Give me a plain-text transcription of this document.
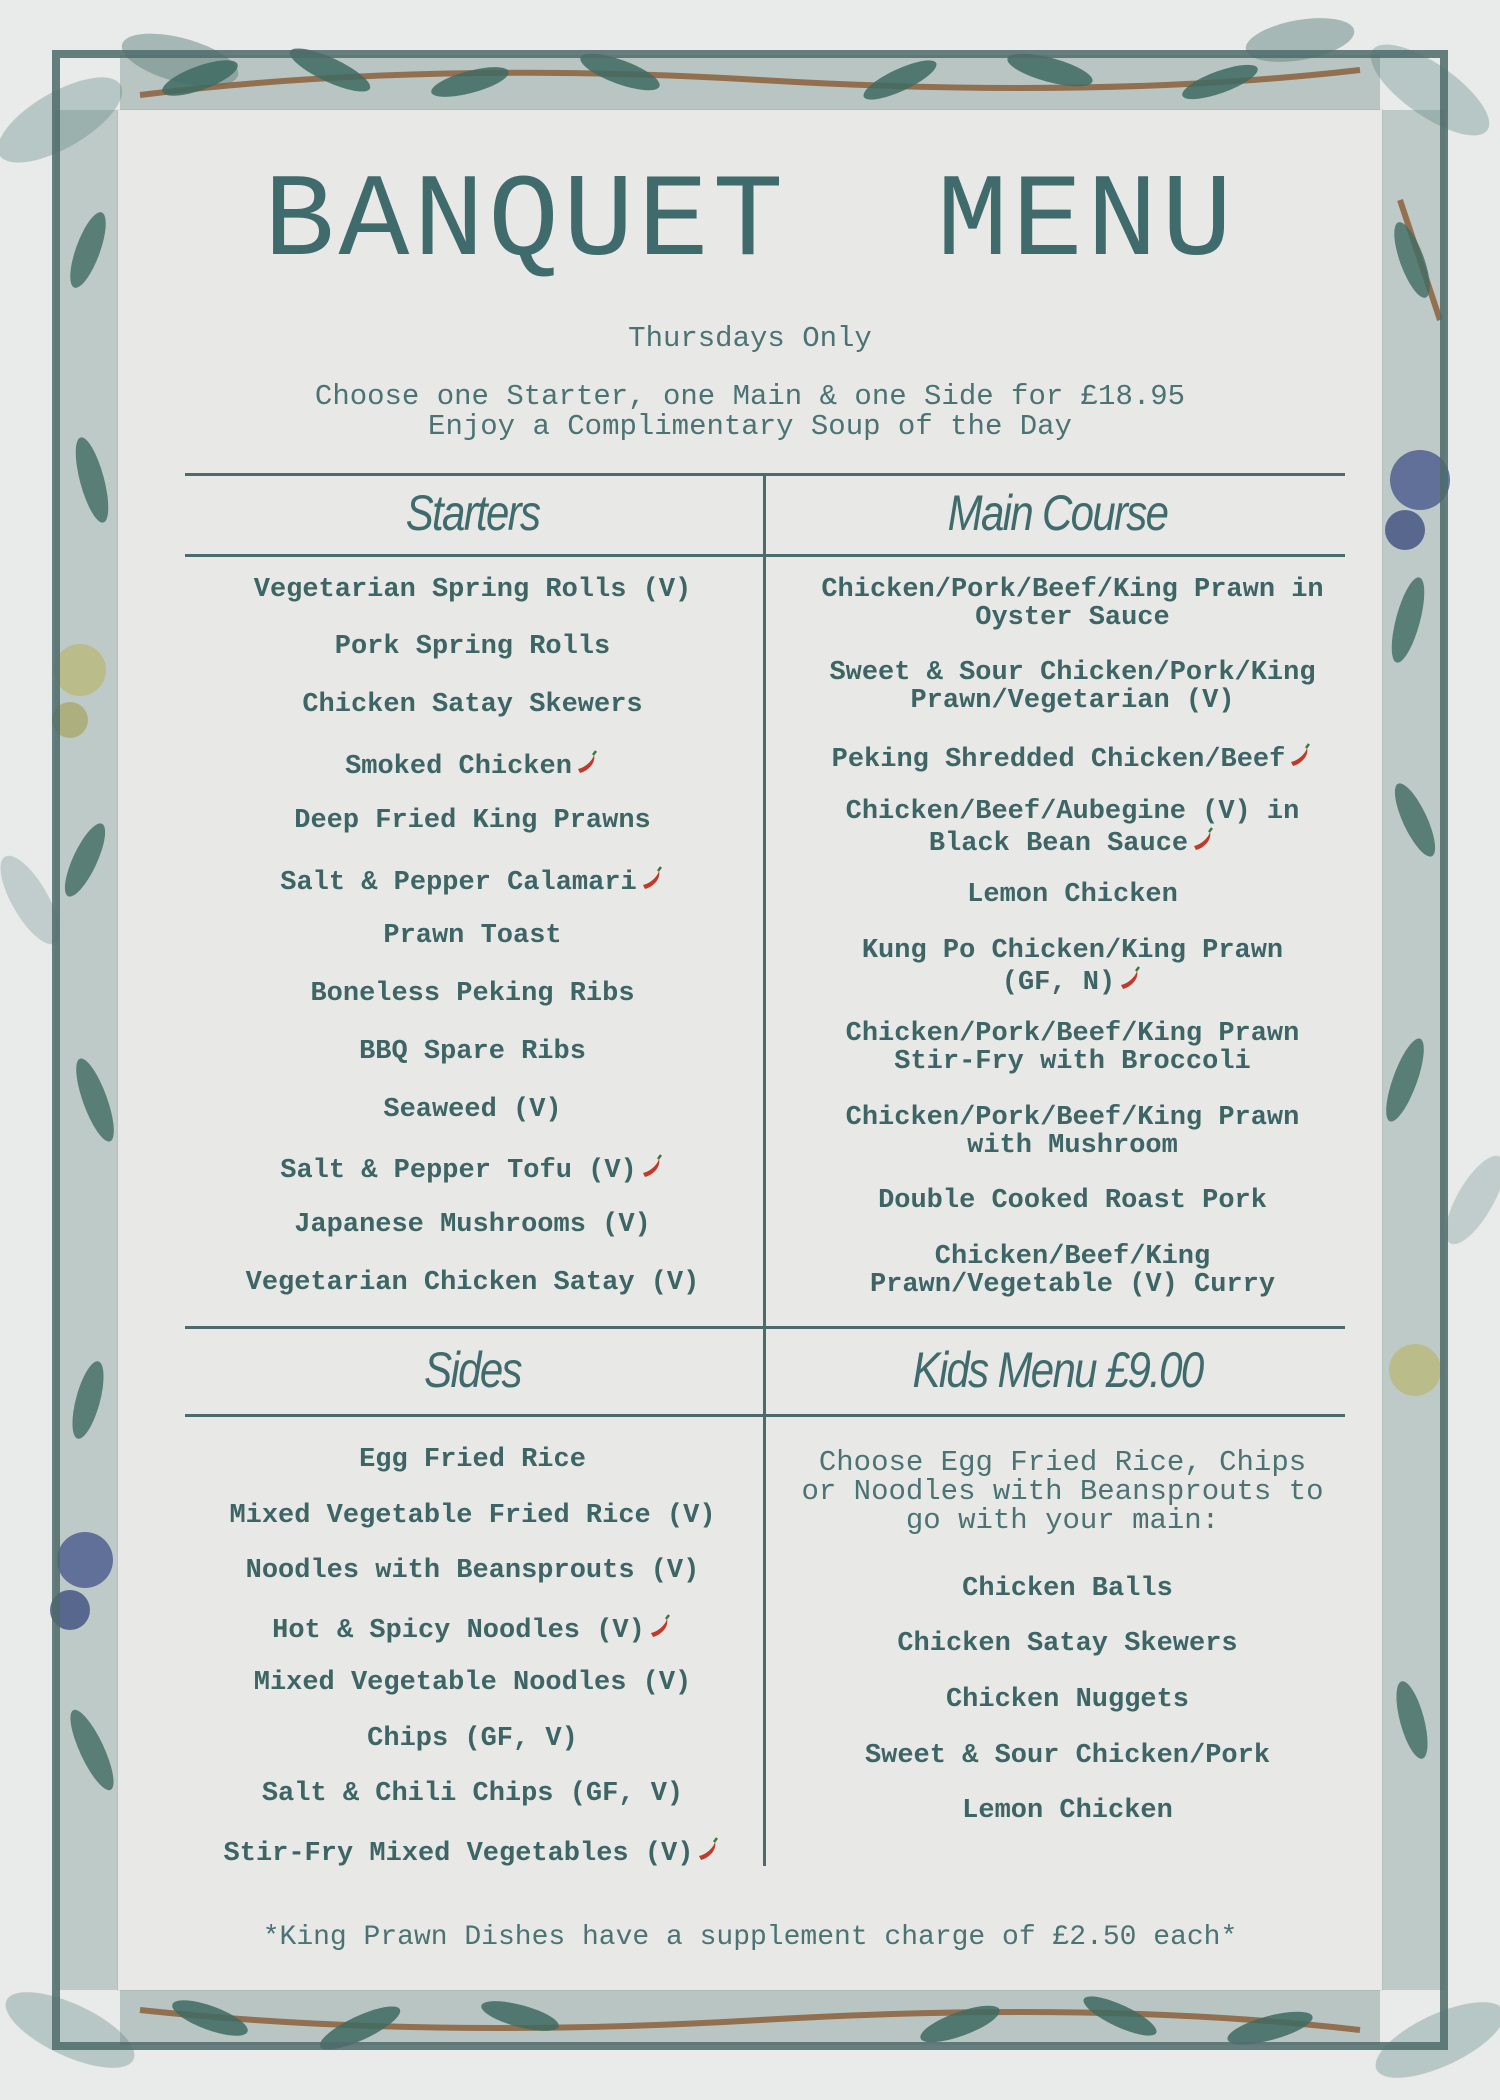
BANQUET  MENU
Thursdays Only
Choose one Starter, one Main & one Side for £18.95
Enjoy a Complimentary Soup of the Day
Starters	Main Course
Sides	Kids Menu £9.00
Vegetarian Spring Rolls (V)
Pork Spring Rolls
Chicken Satay Skewers
Smoked Chicken
Deep Fried King Prawns
Salt & Pepper Calamari
Prawn Toast
Boneless Peking Ribs
BBQ Spare Ribs
Seaweed (V)
Salt & Pepper Tofu (V)
Japanese Mushrooms (V)
Vegetarian Chicken Satay (V)
Chicken/Pork/Beef/King Prawn in
Oyster Sauce
Sweet & Sour Chicken/Pork/King
Prawn/Vegetarian (V)
Peking Shredded Chicken/Beef
Chicken/Beef/Aubegine (V) in
Black Bean Sauce
Lemon Chicken
Kung Po Chicken/King Prawn
(GF, N)
Chicken/Pork/Beef/King Prawn
Stir-Fry with Broccoli
Chicken/Pork/Beef/King Prawn
with Mushroom
Double Cooked Roast Pork
Chicken/Beef/King
Prawn/Vegetable (V) Curry
Egg Fried Rice
Mixed Vegetable Fried Rice (V)
Noodles with Beansprouts (V)
Hot & Spicy Noodles (V)
Mixed Vegetable Noodles (V)
Chips (GF, V)
Salt & Chili Chips (GF, V)
Stir-Fry Mixed Vegetables (V)
Choose Egg Fried Rice, Chips
or Noodles with Beansprouts to
go with your main:
Chicken Balls
Chicken Satay Skewers
Chicken Nuggets
Sweet & Sour Chicken/Pork
Lemon Chicken
*King Prawn Dishes have a supplement charge of £2.50 each*
